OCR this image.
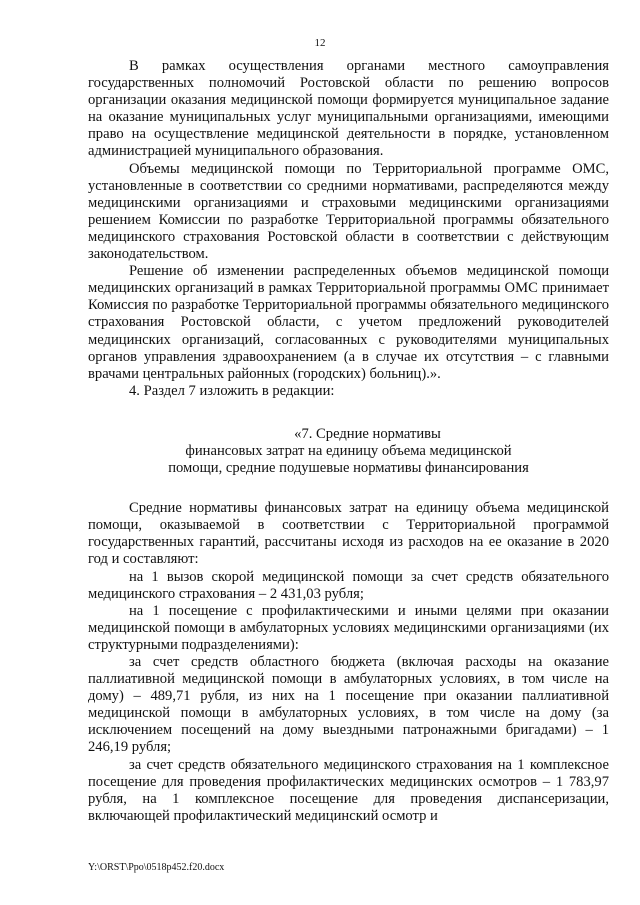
12

В рамках осуществления органами местного самоуправления государственных полномочий Ростовской области по решению вопросов организации оказания медицинской помощи формируется муниципальное задание на оказание муниципальных услуг муниципальными организациями, имеющими право на осуществление медицинской деятельности в порядке, установленном администрацией муниципального образования.

Объемы медицинской помощи по Территориальной программе ОМС, установленные в соответствии со средними нормативами, распределяются между медицинскими организациями и страховыми медицинскими организациями решением Комиссии по разработке Территориальной программы обязательного медицинского страхования Ростовской области в соответствии с действующим законодательством.

Решение об изменении распределенных объемов медицинской помощи медицинских организаций в рамках Территориальной программы ОМС принимает Комиссия по разработке Территориальной программы обязательного медицинского страхования Ростовской области, с учетом предложений руководителей медицинских организаций, согласованных с руководителями муниципальных органов управления здравоохранением (а в случае их отсутствия – с главными врачами центральных районных (городских) больниц).».

4. Раздел 7 изложить в редакции:

«7. Средние нормативы
финансовых затрат на единицу объема медицинской
помощи, средние подушевые нормативы финансирования

Средние нормативы финансовых затрат на единицу объема медицинской помощи, оказываемой в соответствии с Территориальной программой государственных гарантий, рассчитаны исходя из расходов на ее оказание в 2020 год и составляют:

на 1 вызов скорой медицинской помощи за счет средств обязательного медицинского страхования – 2 431,03 рубля;

на 1 посещение с профилактическими и иными целями при оказании медицинской помощи в амбулаторных условиях медицинскими организациями (их структурными подразделениями):

за счет средств областного бюджета (включая расходы на оказание паллиативной медицинской помощи в амбулаторных условиях, в том числе на дому) – 489,71 рубля, из них на 1 посещение при оказании паллиативной медицинской помощи в амбулаторных условиях, в том числе на дому (за исключением посещений на дому выездными патронажными бригадами) – 1 246,19 рубля;

за счет средств обязательного медицинского страхования на 1 комплексное посещение для проведения профилактических медицинских осмотров – 1 783,97 рубля, на 1 комплексное посещение для проведения диспансеризации, включающей профилактический медицинский осмотр и

Y:\ORST\Ppo\0518p452.f20.docx
